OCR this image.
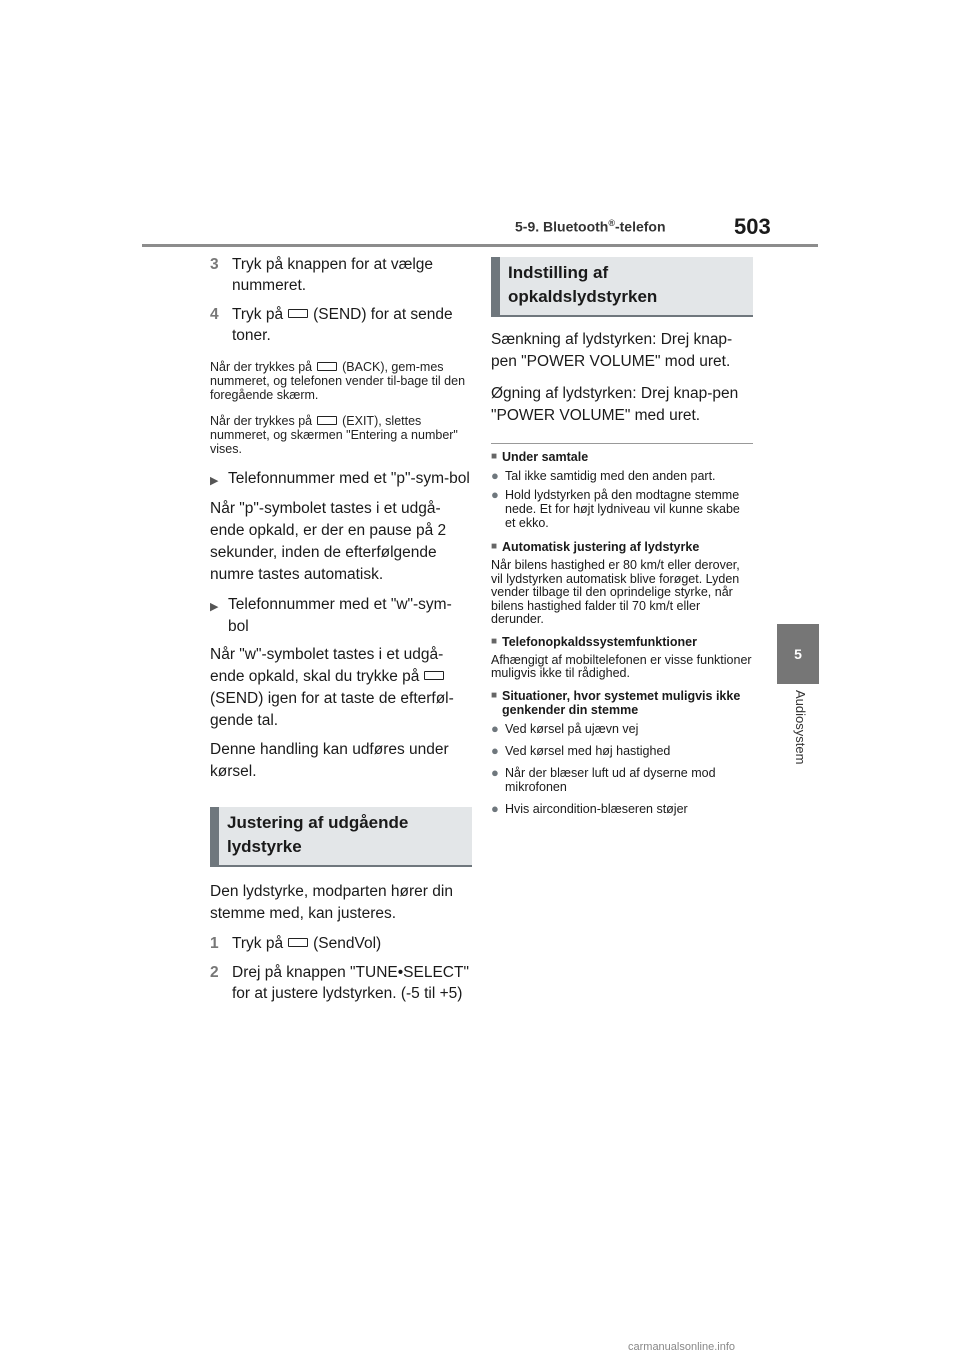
5-9. Bluetooth®-telefon	503
5
Audiosystem
3 Tryk på knappen for at vælge nummeret.
4 Tryk på (SEND) for at sende toner.

Når der trykkes på (BACK), gem-mes nummeret, og telefonen vender til-bage til den foregående skærm.

Når der trykkes på (EXIT), slettes nummeret, og skærmen "Entering a number" vises.

▶ Telefonnummer med et "p"-sym-bol

Når "p"-symbolet tastes i et udgå-ende opkald, er der en pause på 2 sekunder, inden de efterfølgende numre tastes automatisk.

▶ Telefonnummer med et "w"-sym-bol

Når "w"-symbolet tastes i et udgå-ende opkald, skal du trykke på(SEND) igen for at taste de efterføl-gende tal.

Denne handling kan udføres under kørsel.

Justering af udgående lydstyrke

Den lydstyrke, modparten hører din stemme med, kan justeres.

1 Tryk på (SendVol)
2 Drej på knappen "TUNE•SELECT" for at justere lydstyrken. (-5 til +5)
Indstilling af opkaldslydstyrken

Sænkning af lydstyrken: Drej knap-pen "POWER VOLUME" mod uret.

Øgning af lydstyrken: Drej knap-pen "POWER VOLUME" med uret.

■ Under samtale
● Tal ikke samtidig med den anden part.
● Hold lydstyrken på den modtagne stemme nede. Et for højt lydniveau vil kunne skabe et ekko.
■ Automatisk justering af lydstyrke

Når bilens hastighed er 80 km/t eller derover, vil lydstyrken automatisk blive forøget. Lyden vender tilbage til den oprindelige styrke, når bilens hastighed falder til 70 km/t eller derunder.

■ Telefonopkaldssystemfunktioner

Afhængigt af mobiltelefonen er visse funktioner muligvis ikke til rådighed.

■ Situationer, hvor systemet muligvis ikke genkender din stemme
● Ved kørsel på ujævn vej
● Ved kørsel med høj hastighed
● Når der blæser luft ud af dyserne mod mikrofonen
● Hvis aircondition-blæseren støjer
carmanualsonline.info
